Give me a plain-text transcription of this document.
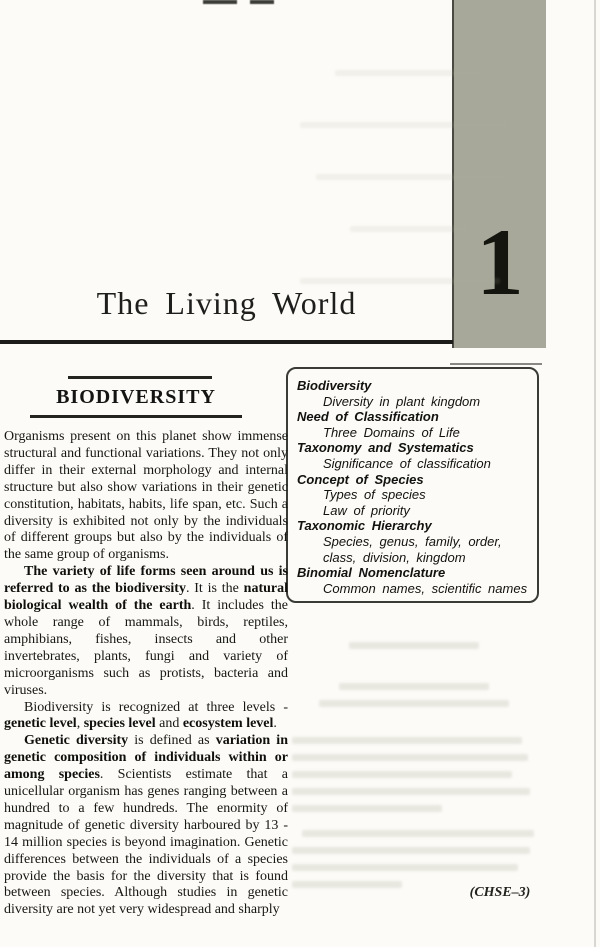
1
The Living World
BIODIVERSITY
Biodiversity
Diversity in plant kingdom
Need of Classification
Three Domains of Life
Taxonomy and Systematics
Significance of classification
Concept of Species
Types of species
Law of priority
Taxonomic Hierarchy
Species, genus, family, order, class, division, kingdom
Binomial Nomenclature
Common names, scientific names

Organisms present on this planet show immense structural and functional variations. They not only differ in their external morphology and internal structure but also show variations in their genetic constitution, habitats, habits, life span, etc. Such a diversity is exhibited not only by the individuals of different groups but also by the individuals of the same group of organisms.

The variety of life forms seen around us is referred to as the biodiversity. It is the natural biological wealth of the earth. It includes the whole range of mammals, birds, reptiles, amphibians, fishes, insects and other invertebrates, plants, fungi and variety of microorganisms such as protists, bacteria and viruses.

Biodiversity is recognized at three levels - genetic level, species level and ecosystem level.

Genetic diversity is defined as variation in genetic composition of individuals within or among species. Scientists estimate that a unicellular organism has genes ranging between a hundred to a few hundreds. The enormity of magnitude of genetic diversity harboured by 13 - 14 million species is beyond imagination. Genetic differences between the individuals of a species provide the basis for the diversity that is found between species. Although studies in genetic diversity are not yet very widespread and sharply

(CHSE–3)
